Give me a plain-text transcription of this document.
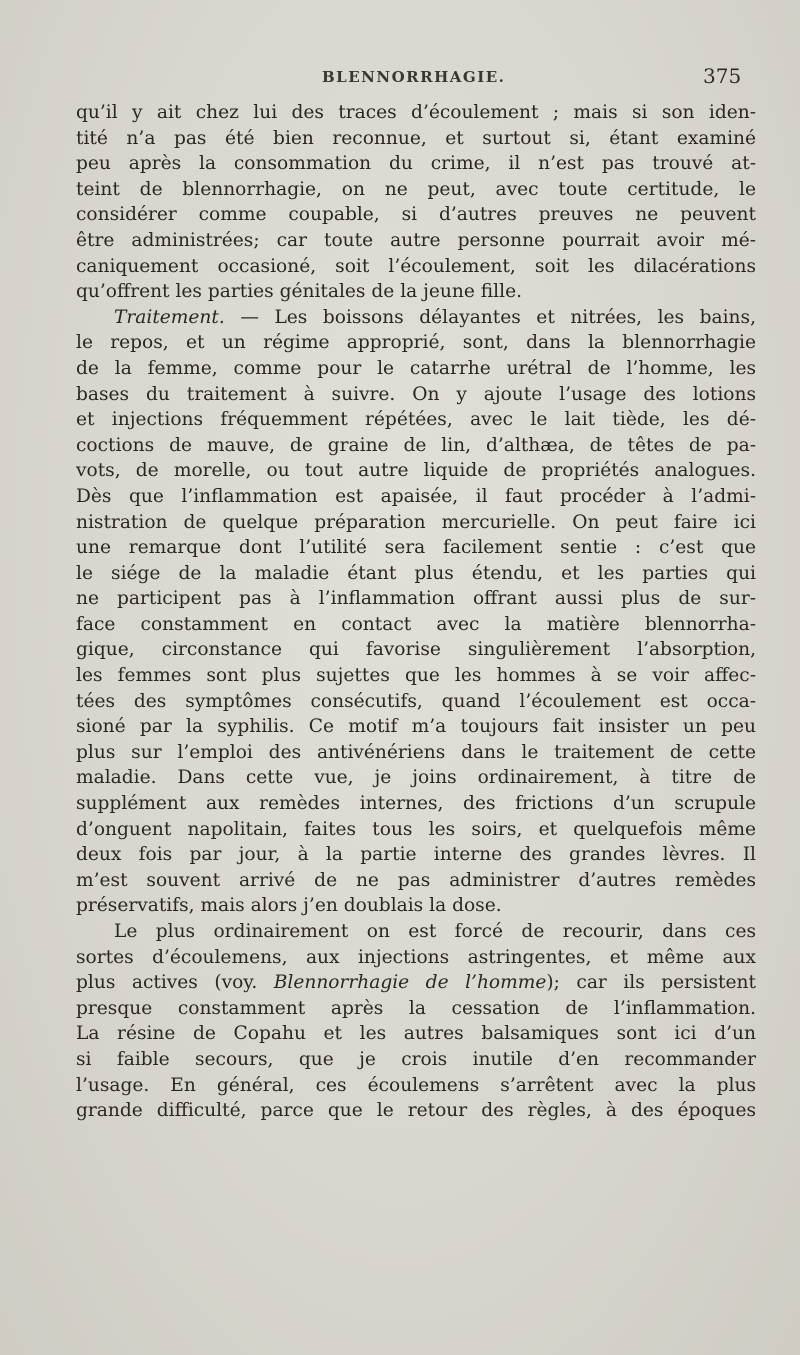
BLENNORRHAGIE.	375
qu’il y ait chez lui des traces d’écoulement ; mais si son iden-
tité n’a pas été bien reconnue, et surtout si, étant examiné
peu après la consommation du crime, il n’est pas trouvé at-
teint de blennorrhagie, on ne peut, avec toute certitude, le
considérer comme coupable, si d’autres preuves ne peuvent
être administrées; car toute autre personne pourrait avoir mé-
caniquement occasioné, soit l’écoulement, soit les dilacérations
qu’offrent les parties génitales de la jeune fille.
Traitement. — Les boissons délayantes et nitrées, les bains,
le repos, et un régime approprié, sont, dans la blennorrhagie
de la femme, comme pour le catarrhe urétral de l’homme, les
bases du traitement à suivre. On y ajoute l’usage des lotions
et injections fréquemment répétées, avec le lait tiède, les dé-
coctions de mauve, de graine de lin, d’althæa, de têtes de pa-
vots, de morelle, ou tout autre liquide de propriétés analogues.
Dès que l’inflammation est apaisée, il faut procéder à l’admi-
nistration de quelque préparation mercurielle. On peut faire ici
une remarque dont l’utilité sera facilement sentie : c’est que
le siége de la maladie étant plus étendu, et les parties qui
ne participent pas à l’inflammation offrant aussi plus de sur-
face constamment en contact avec la matière blennorrha-
gique, circonstance qui favorise singulièrement l’absorption,
les femmes sont plus sujettes que les hommes à se voir affec-
tées des symptômes consécutifs, quand l’écoulement est occa-
sioné par la syphilis. Ce motif m’a toujours fait insister un peu
plus sur l’emploi des antivénériens dans le traitement de cette
maladie. Dans cette vue, je joins ordinairement, à titre de
supplément aux remèdes internes, des frictions d’un scrupule
d’onguent napolitain, faites tous les soirs, et quelquefois même
deux fois par jour, à la partie interne des grandes lèvres. Il
m’est souvent arrivé de ne pas administrer d’autres remèdes
préservatifs, mais alors j’en doublais la dose.
Le plus ordinairement on est forcé de recourir, dans ces
sortes d’écoulemens, aux injections astringentes, et même aux
plus actives (voy. Blennorrhagie de l’homme); car ils persistent
presque constamment après la cessation de l’inflammation.
La résine de Copahu et les autres balsamiques sont ici d’un
si faible secours, que je crois inutile d’en recommander
l’usage. En général, ces écoulemens s’arrêtent avec la plus
grande difficulté, parce que le retour des règles, à des époques
